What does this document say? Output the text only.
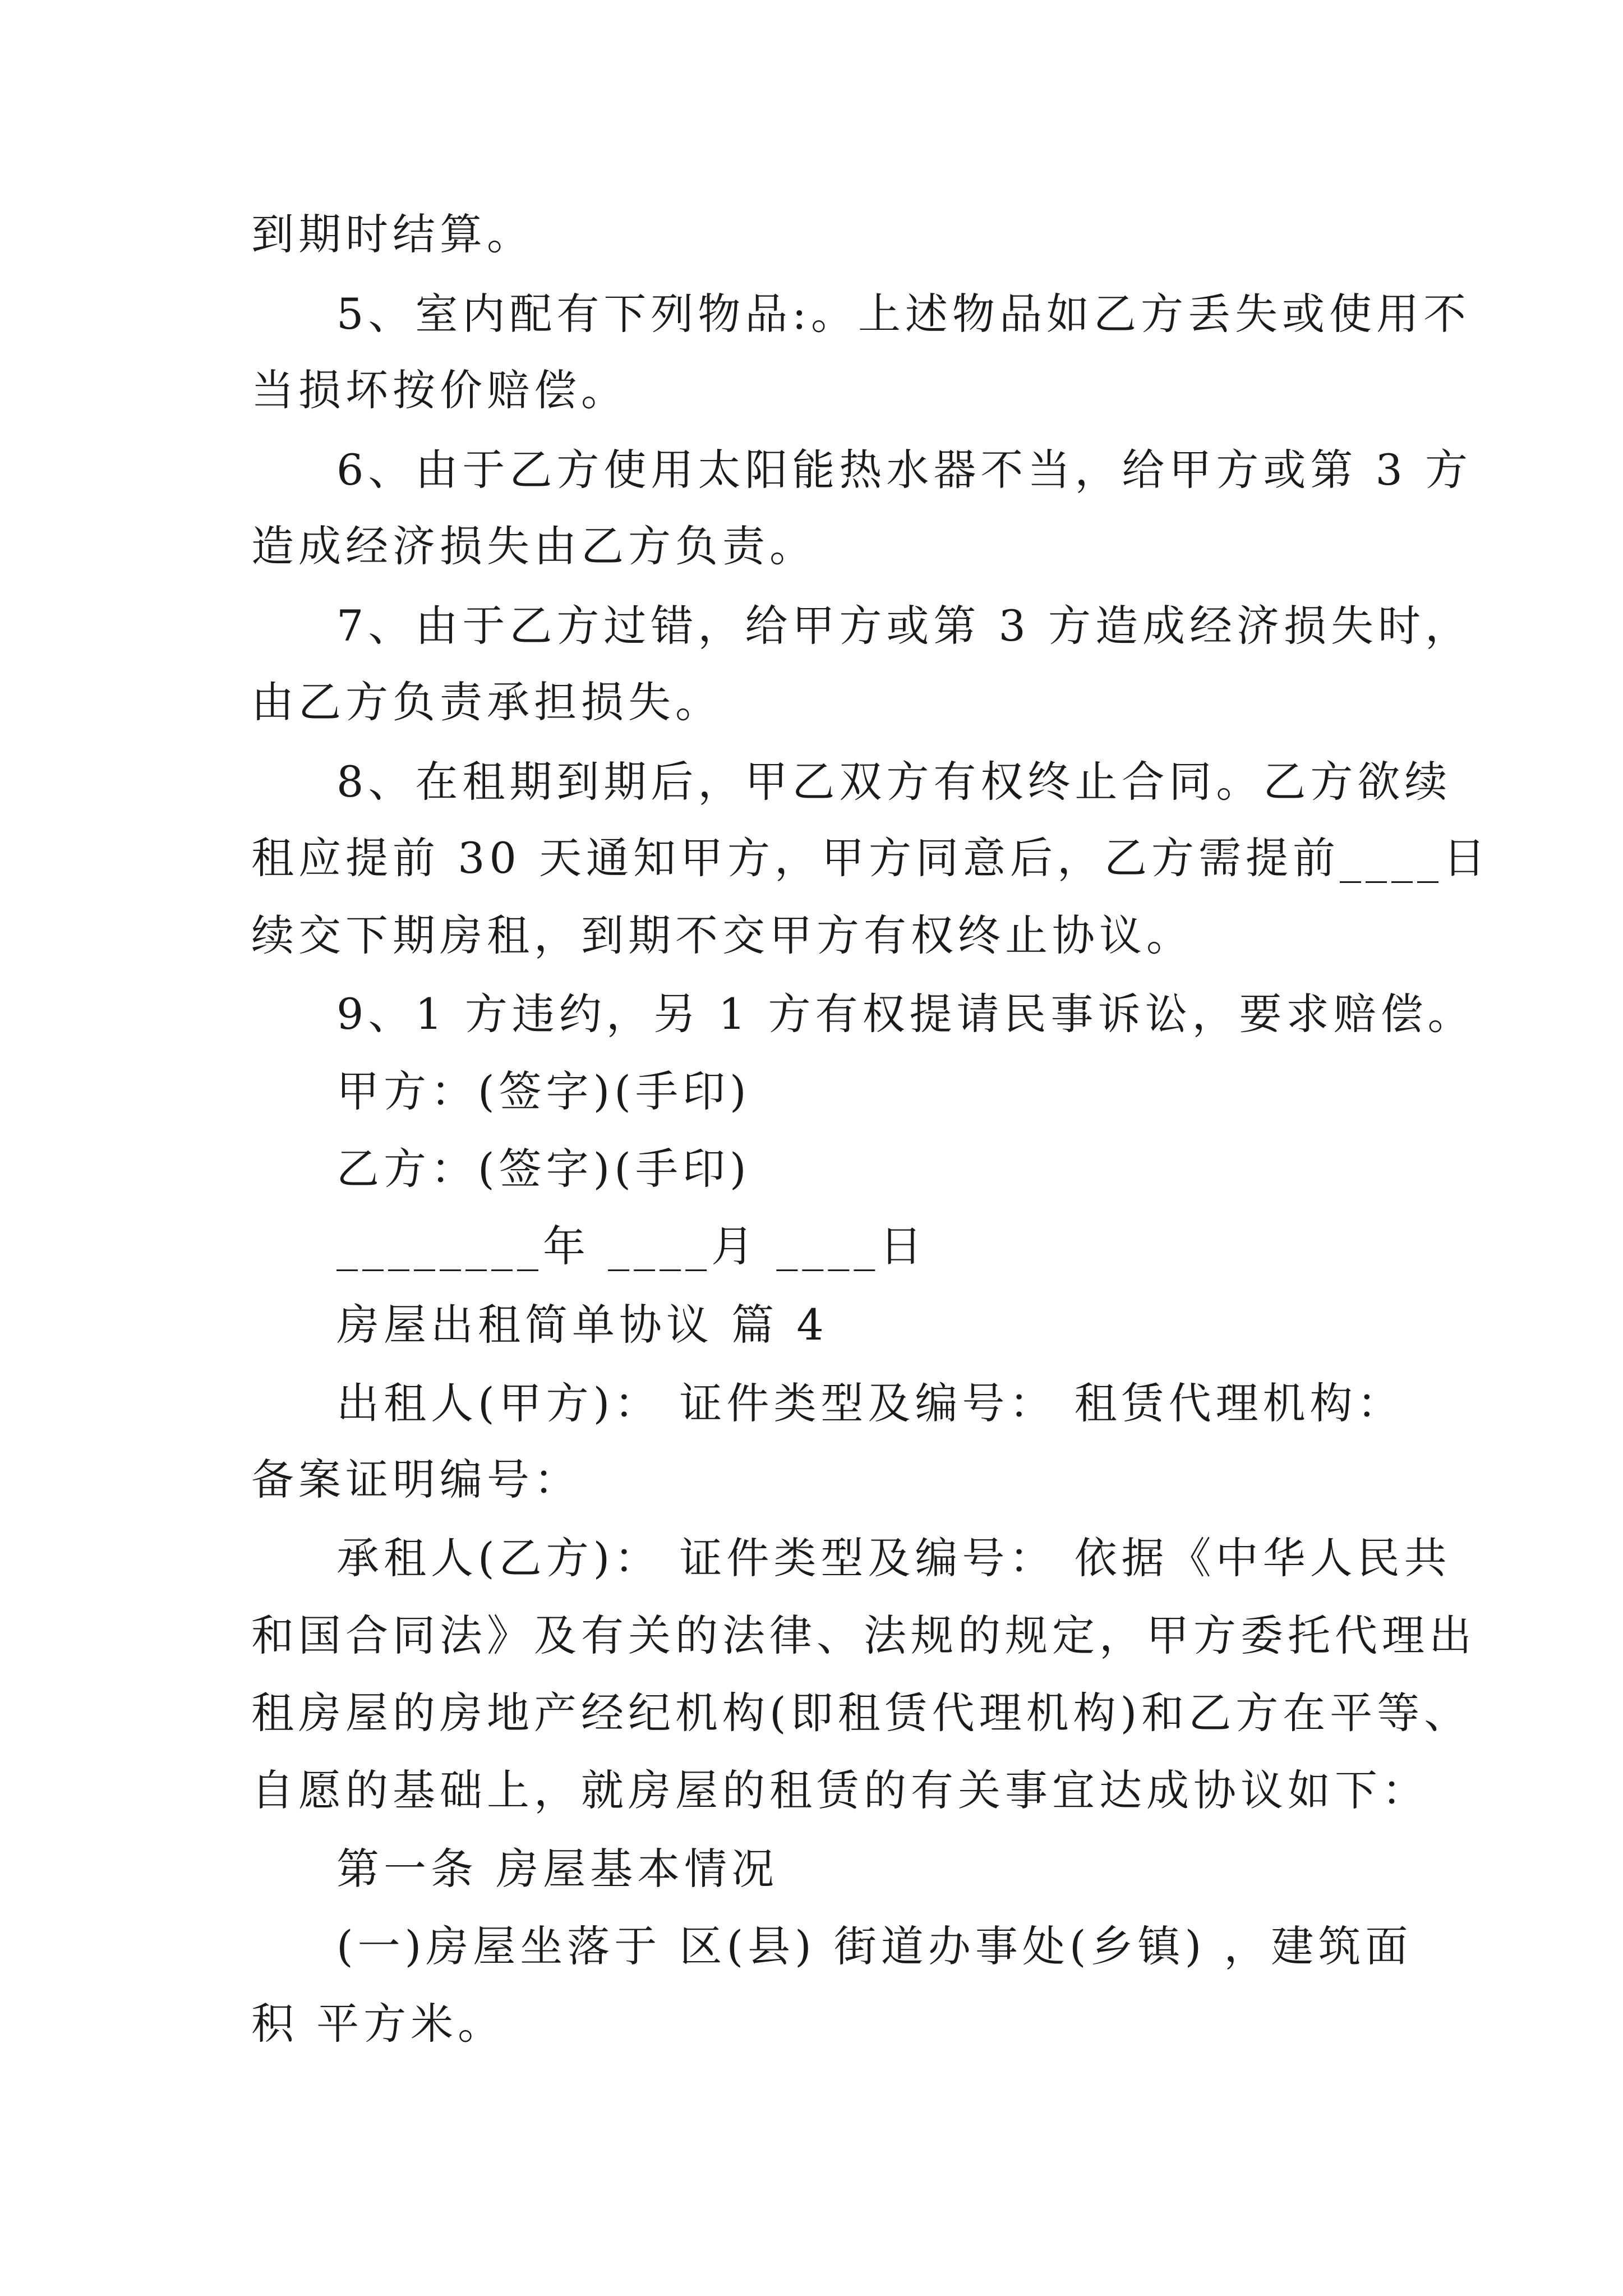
到期时结算。
5、室内配有下列物品:。上述物品如乙方丢失或使用不
当损坏按价赔偿。
6、由于乙方使用太阳能热水器不当，给甲方或第 3 方
造成经济损失由乙方负责。
7、由于乙方过错，给甲方或第 3 方造成经济损失时，
由乙方负责承担损失。
8、在租期到期后，甲乙双方有权终止合同。乙方欲续
租应提前 30 天通知甲方，甲方同意后，乙方需提前____日
续交下期房租，到期不交甲方有权终止协议。
9、1 方违约，另 1 方有权提请民事诉讼，要求赔偿。
甲方：(签字)(手印)
乙方：(签字)(手印)
________年 ____月 ____日
房屋出租简单协议 篇 4
出租人(甲方)： 证件类型及编号： 租赁代理机构：
备案证明编号：
承租人(乙方)： 证件类型及编号： 依据《中华人民共
和国合同法》及有关的法律、法规的规定，甲方委托代理出
租房屋的房地产经纪机构(即租赁代理机构)和乙方在平等、
自愿的基础上，就房屋的租赁的有关事宜达成协议如下：
第一条 房屋基本情况
(一)房屋坐落于 区(县) 街道办事处(乡镇) ，建筑面
积 平方米。
